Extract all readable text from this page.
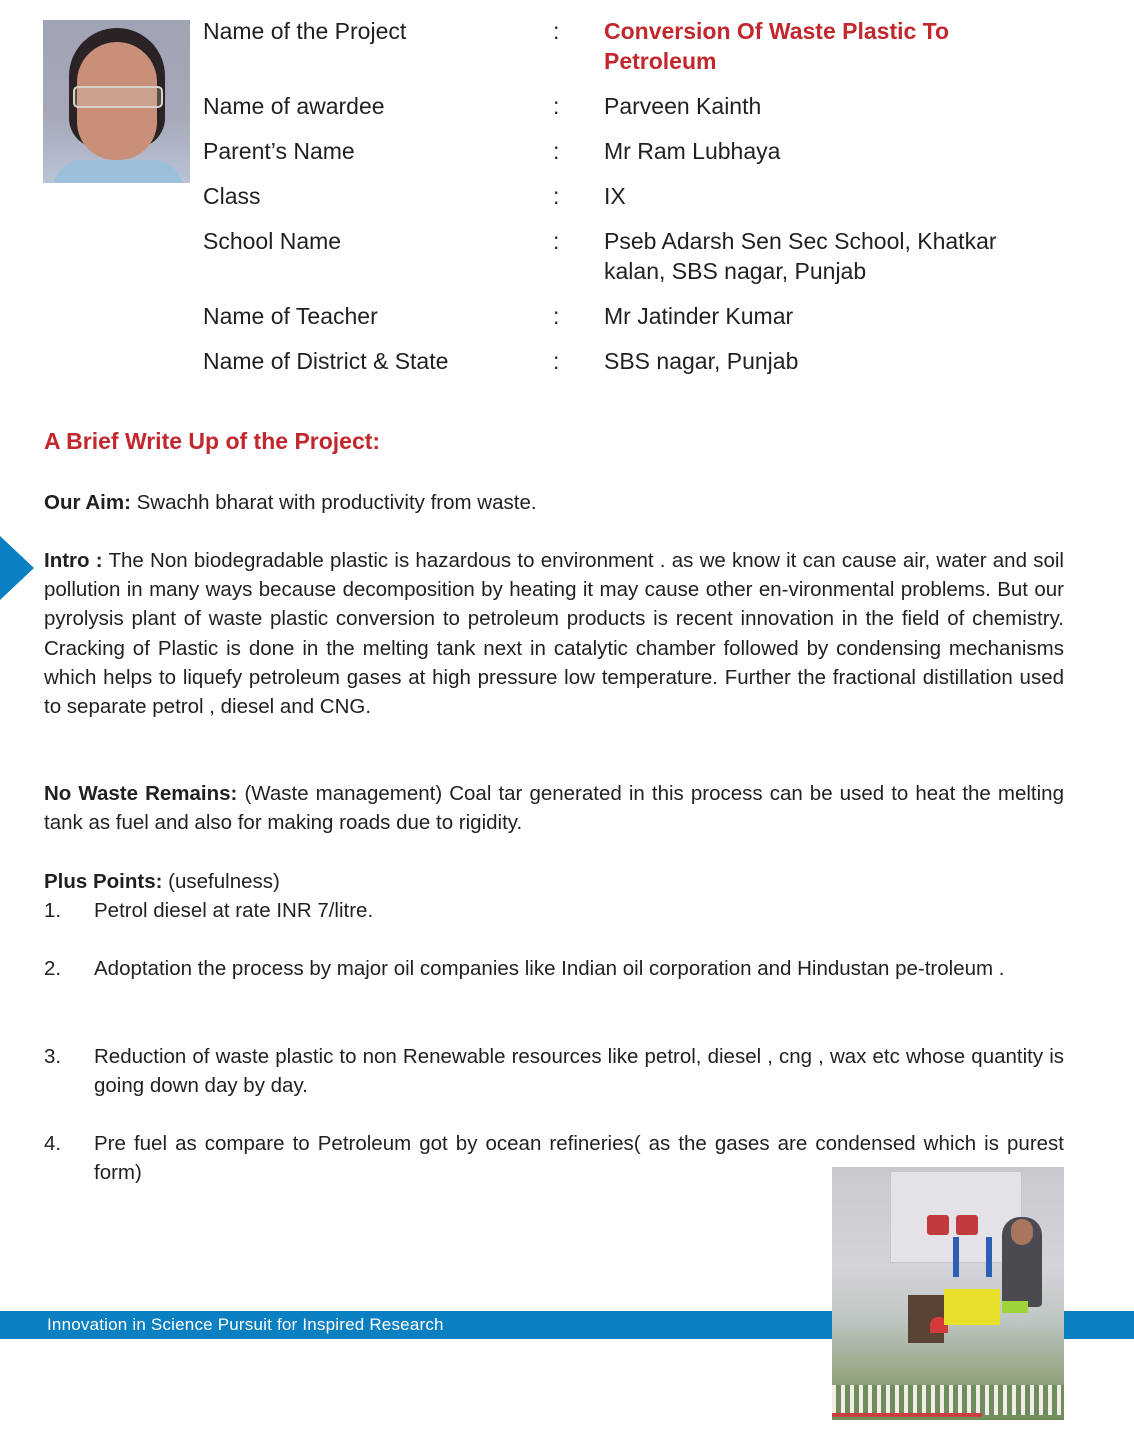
Name of the Project	: Conversion Of Waste Plastic To Petroleum
Name of awardee	: Parveen Kainth
Parent’s Name	: Mr Ram Lubhaya
Class	: IX
School Name	: Pseb Adarsh Sen Sec School, Khatkar kalan, SBS nagar, Punjab
Name of Teacher	: Mr Jatinder Kumar
Name of District & State	: SBS nagar, Punjab
A Brief Write Up of the Project:
Our Aim: Swachh bharat with productivity from waste.
Intro : The Non biodegradable plastic is hazardous to environment . as we know it can cause air, water and soil pollution in many ways because decomposition by heating it may cause other en-vironmental problems. But our pyrolysis plant of waste plastic conversion to petroleum products is recent innovation in the field of chemistry. Cracking of Plastic is done in the melting tank next in catalytic chamber followed by condensing mechanisms which helps to liquefy petroleum gases at high pressure low temperature. Further the fractional distillation used to separate petrol , diesel and CNG.
No Waste Remains: (Waste management) Coal tar generated in this process can be used to heat the melting tank as fuel and also for making roads due to rigidity.
Plus Points: (usefulness)
1. Petrol diesel at rate INR 7/litre.
2. Adoptation the process by major oil companies like Indian oil corporation and Hindustan pe-troleum .
3. Reduction of waste plastic to non Renewable resources like petrol, diesel , cng , wax etc whose quantity is going down day by day.
4. Pre fuel as compare to Petroleum got by ocean refineries( as the gases are condensed which is purest form)
Innovation in Science Pursuit for Inspired Research
